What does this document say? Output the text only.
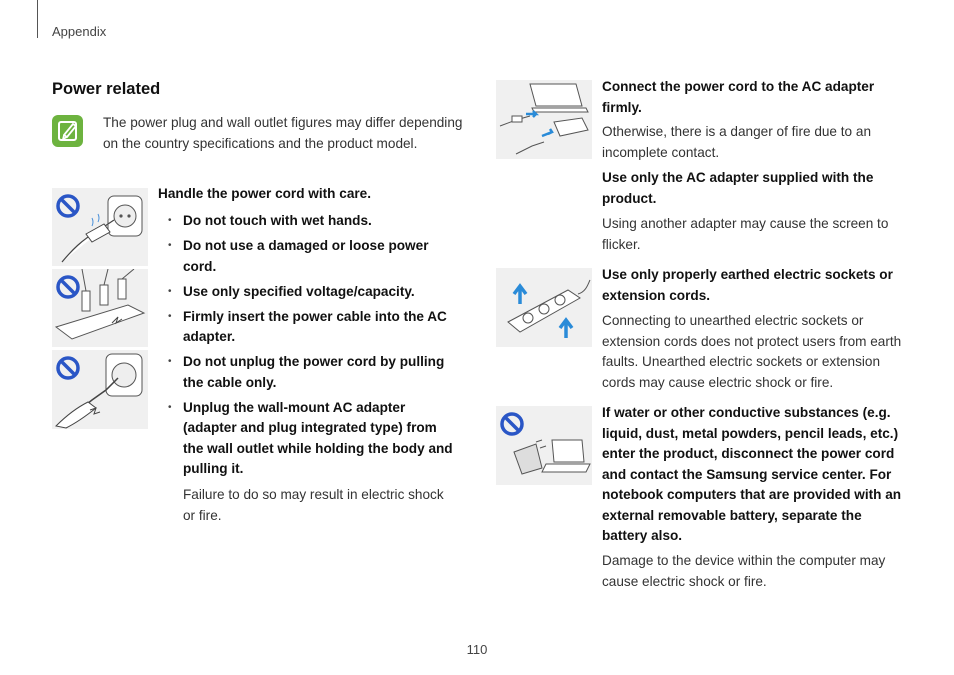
Appendix
Power related
The power plug and wall outlet figures may differ depending on the country specifications and the product model.
Handle the power cord with care.
• Do not touch with wet hands.
• Do not use a damaged or loose power cord.
• Use only specified voltage/capacity.
• Firmly insert the power cable into the AC adapter.
• Do not unplug the power cord by pulling the cable only.
• Unplug the wall-mount AC adapter (adapter and plug integrated type) from the wall outlet while holding the body and pulling it.
Failure to do so may result in electric shock or fire.
Connect the power cord to the AC adapter firmly.
Otherwise, there is a danger of fire due to an incomplete contact.
Use only the AC adapter supplied with the product.
Using another adapter may cause the screen to flicker.
Use only properly earthed electric sockets or extension cords.
Connecting to unearthed electric sockets or extension cords does not protect users from earth faults. Unearthed electric sockets or extension cords may cause electric shock or fire.
If water or other conductive substances (e.g. liquid, dust, metal powders, pencil leads, etc.) enter the product, disconnect the power cord and contact the Samsung service center. For notebook computers that are provided with an external removable battery, separate the battery also.
Damage to the device within the computer may cause electric shock or fire.
110
